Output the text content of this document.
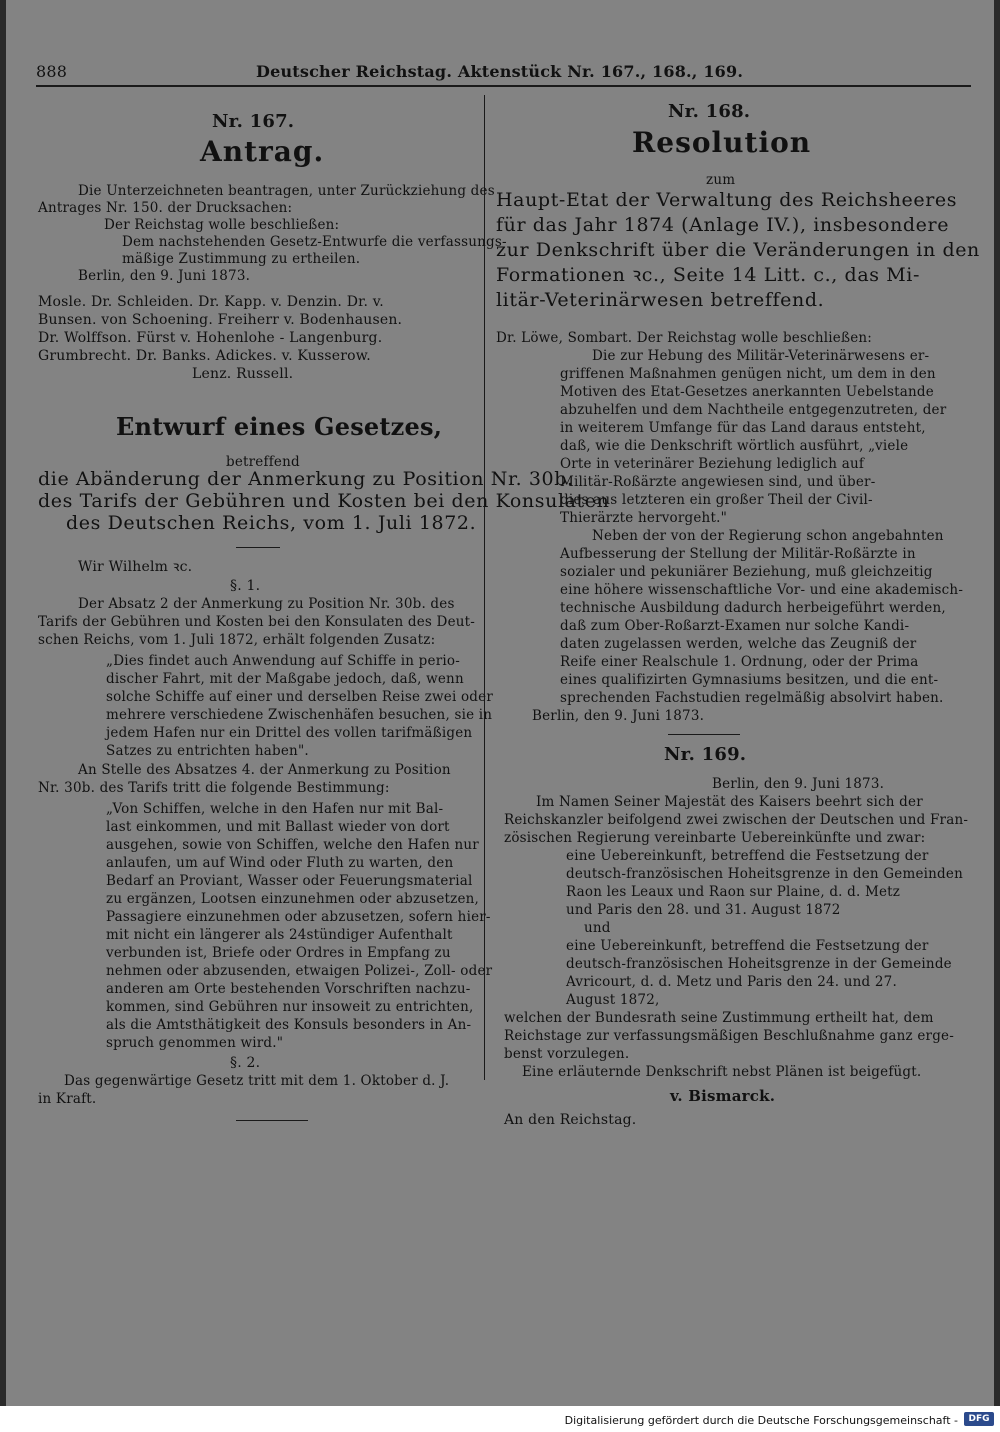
888	Deutscher Reichstag. Aktenstück Nr. 167., 168., 169.
Nr. 167.
Antrag.
Die Unterzeichneten beantragen, unter Zurückziehung des
Antrages Nr. 150. der Drucksachen:
Der Reichstag wolle beschließen:
Dem nachstehenden Gesetz-Entwurfe die verfassungs-
mäßige Zustimmung zu ertheilen.
Berlin, den 9. Juni 1873.
Mosle. Dr. Schleiden. Dr. Kapp. v. Denzin. Dr. v.
Bunsen. von Schoening. Freiherr v. Bodenhausen.
Dr. Wolffson. Fürst v. Hohenlohe - Langenburg.
Grumbrecht. Dr. Banks. Adickes. v. Kusserow.
Lenz. Russell.
Entwurf eines Gesetzes,
betreffend
die Abänderung der Anmerkung zu Position Nr. 30b.
des Tarifs der Gebühren und Kosten bei den Konsulaten
des Deutschen Reichs, vom 1. Juli 1872.
Wir Wilhelm ꝛc.
§. 1.
Der Absatz 2 der Anmerkung zu Position Nr. 30b. des
Tarifs der Gebühren und Kosten bei den Konsulaten des Deut-
schen Reichs, vom 1. Juli 1872, erhält folgenden Zusatz:
„Dies findet auch Anwendung auf Schiffe in perio-
discher Fahrt, mit der Maßgabe jedoch, daß, wenn
solche Schiffe auf einer und derselben Reise zwei oder
mehrere verschiedene Zwischenhäfen besuchen, sie in
jedem Hafen nur ein Drittel des vollen tarifmäßigen
Satzes zu entrichten haben".
An Stelle des Absatzes 4. der Anmerkung zu Position
Nr. 30b. des Tarifs tritt die folgende Bestimmung:
„Von Schiffen, welche in den Hafen nur mit Bal-
last einkommen, und mit Ballast wieder von dort
ausgehen, sowie von Schiffen, welche den Hafen nur
anlaufen, um auf Wind oder Fluth zu warten, den
Bedarf an Proviant, Wasser oder Feuerungsmaterial
zu ergänzen, Lootsen einzunehmen oder abzusetzen,
Passagiere einzunehmen oder abzusetzen, sofern hier-
mit nicht ein längerer als 24stündiger Aufenthalt
verbunden ist, Briefe oder Ordres in Empfang zu
nehmen oder abzusenden, etwaigen Polizei-, Zoll- oder
anderen am Orte bestehenden Vorschriften nachzu-
kommen, sind Gebühren nur insoweit zu entrichten,
als die Amtsthätigkeit des Konsuls besonders in An-
spruch genommen wird."
§. 2.
Das gegenwärtige Gesetz tritt mit dem 1. Oktober d. J.
in Kraft.
Nr. 168.
Resolution
zum
Haupt-Etat der Verwaltung des Reichsheeres
für das Jahr 1874 (Anlage IV.), insbesondere
zur Denkschrift über die Veränderungen in den
Formationen ꝛc., Seite 14 Litt. c., das Mi-
litär-Veterinärwesen betreffend.
Dr. Löwe, Sombart. Der Reichstag wolle beschließen:
Die zur Hebung des Militär-Veterinärwesens er-
griffenen Maßnahmen genügen nicht, um dem in den
Motiven des Etat-Gesetzes anerkannten Uebelstande
abzuhelfen und dem Nachtheile entgegenzutreten, der
in weiterem Umfange für das Land daraus entsteht,
daß, wie die Denkschrift wörtlich ausführt, „viele
Orte in veterinärer Beziehung lediglich auf
Militär-Roßärzte angewiesen sind, und über-
dies aus letzteren ein großer Theil der Civil-
Thierärzte hervorgeht."
Neben der von der Regierung schon angebahnten
Aufbesserung der Stellung der Militär-Roßärzte in
sozialer und pekuniärer Beziehung, muß gleichzeitig
eine höhere wissenschaftliche Vor- und eine akademisch-
technische Ausbildung dadurch herbeigeführt werden,
daß zum Ober-Roßarzt-Examen nur solche Kandi-
daten zugelassen werden, welche das Zeugniß der
Reife einer Realschule 1. Ordnung, oder der Prima
eines qualifizirten Gymnasiums besitzen, und die ent-
sprechenden Fachstudien regelmäßig absolvirt haben.
Berlin, den 9. Juni 1873.
Nr. 169.
Berlin, den 9. Juni 1873.
Im Namen Seiner Majestät des Kaisers beehrt sich der
Reichskanzler beifolgend zwei zwischen der Deutschen und Fran-
zösischen Regierung vereinbarte Uebereinkünfte und zwar:
eine Uebereinkunft, betreffend die Festsetzung der
deutsch-französischen Hoheitsgrenze in den Gemeinden
Raon les Leaux und Raon sur Plaine, d. d. Metz
und Paris den 28. und 31. August 1872
und
eine Uebereinkunft, betreffend die Festsetzung der
deutsch-französischen Hoheitsgrenze in der Gemeinde
Avricourt, d. d. Metz und Paris den 24. und 27.
August 1872,
welchen der Bundesrath seine Zustimmung ertheilt hat, dem
Reichstage zur verfassungsmäßigen Beschlußnahme ganz erge-
benst vorzulegen.
Eine erläuternde Denkschrift nebst Plänen ist beigefügt.
v. Bismarck.
An den Reichstag.
Digitalisierung gefördert durch die Deutsche Forschungsgemeinschaft -	DFG
